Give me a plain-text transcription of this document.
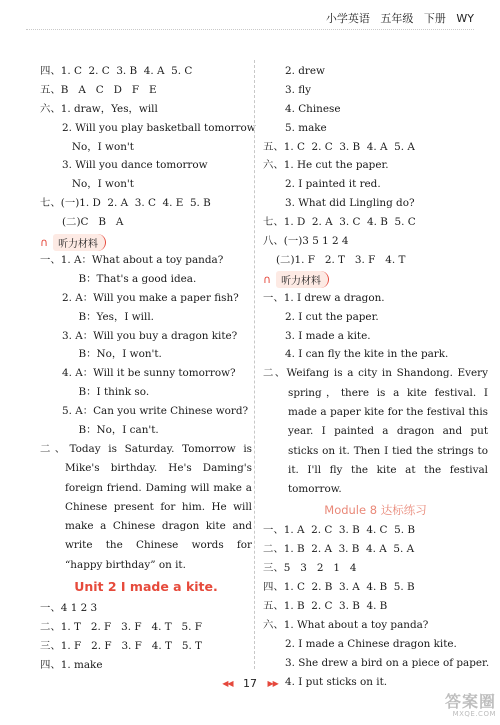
小学英语   五年级   下册   WY
四、1. C  2. C  3. B  4. A  5. C
五、B   A   C   D   F   E
六、1. draw，Yes，will
2. Will you play basketball tomorrow
No，I won't
3. Will you dance tomorrow
No，I won't
七、(一)1. D  2. A  3. C  4. E  5. B
(二)C   B   A
∩	听力材料
一、1. A：What about a toy panda?
B：That's a good idea.
2. A：Will you make a paper fish?
B：Yes，I will.
3. A：Will you buy a dragon kite?
B：No，I won't.
4. A：Will it be sunny tomorrow?
B：I think so.
5. A：Can you write Chinese word?
B：No，I can't.
二、Today is Saturday. Tomorrow is Mike's birthday. He's Daming's foreign friend. Daming will make a Chinese present for him. He will make a Chinese dragon kite and write the Chinese words for “happy birthday” on it.
Unit 2 I made a kite.
一、4 1 2 3
二、1. T   2. F   3. F   4. T   5. F
三、1. F   2. F   3. F   4. T   5. T
四、1. make
2. drew
3. fly
4. Chinese
5. make
五、1. C  2. C  3. B  4. A  5. A
六、1. He cut the paper.
2. I painted it red.
3. What did Lingling do?
七、1. D  2. A  3. C  4. B  5. C
八、(一)3 5 1 2 4
(二)1. F   2. T   3. F   4. T
∩	听力材料
一、1. I drew a dragon.
2. I cut the paper.
3. I made a kite.
4. I can fly the kite in the park.
二、Weifang is a city in Shandong. Every spring，there is a kite festival. I made a paper kite for the festival this year. I painted a dragon and put sticks on it. Then I tied the strings to it. I'll fly the kite at the festival tomorrow.
Module 8 达标练习
一、1. A  2. C  3. B  4. C  5. B
二、1. B  2. A  3. B  4. A  5. A
三、5   3   2   1   4
四、1. C  2. B  3. A  4. B  5. B
五、1. B  2. C  3. B  4. B
六、1. What about a toy panda?
2. I made a Chinese dragon kite.
3. She drew a bird on a piece of paper.
4. I put sticks on it.
◀◀ 17 ▶▶
答案圈
MXQE.COM
